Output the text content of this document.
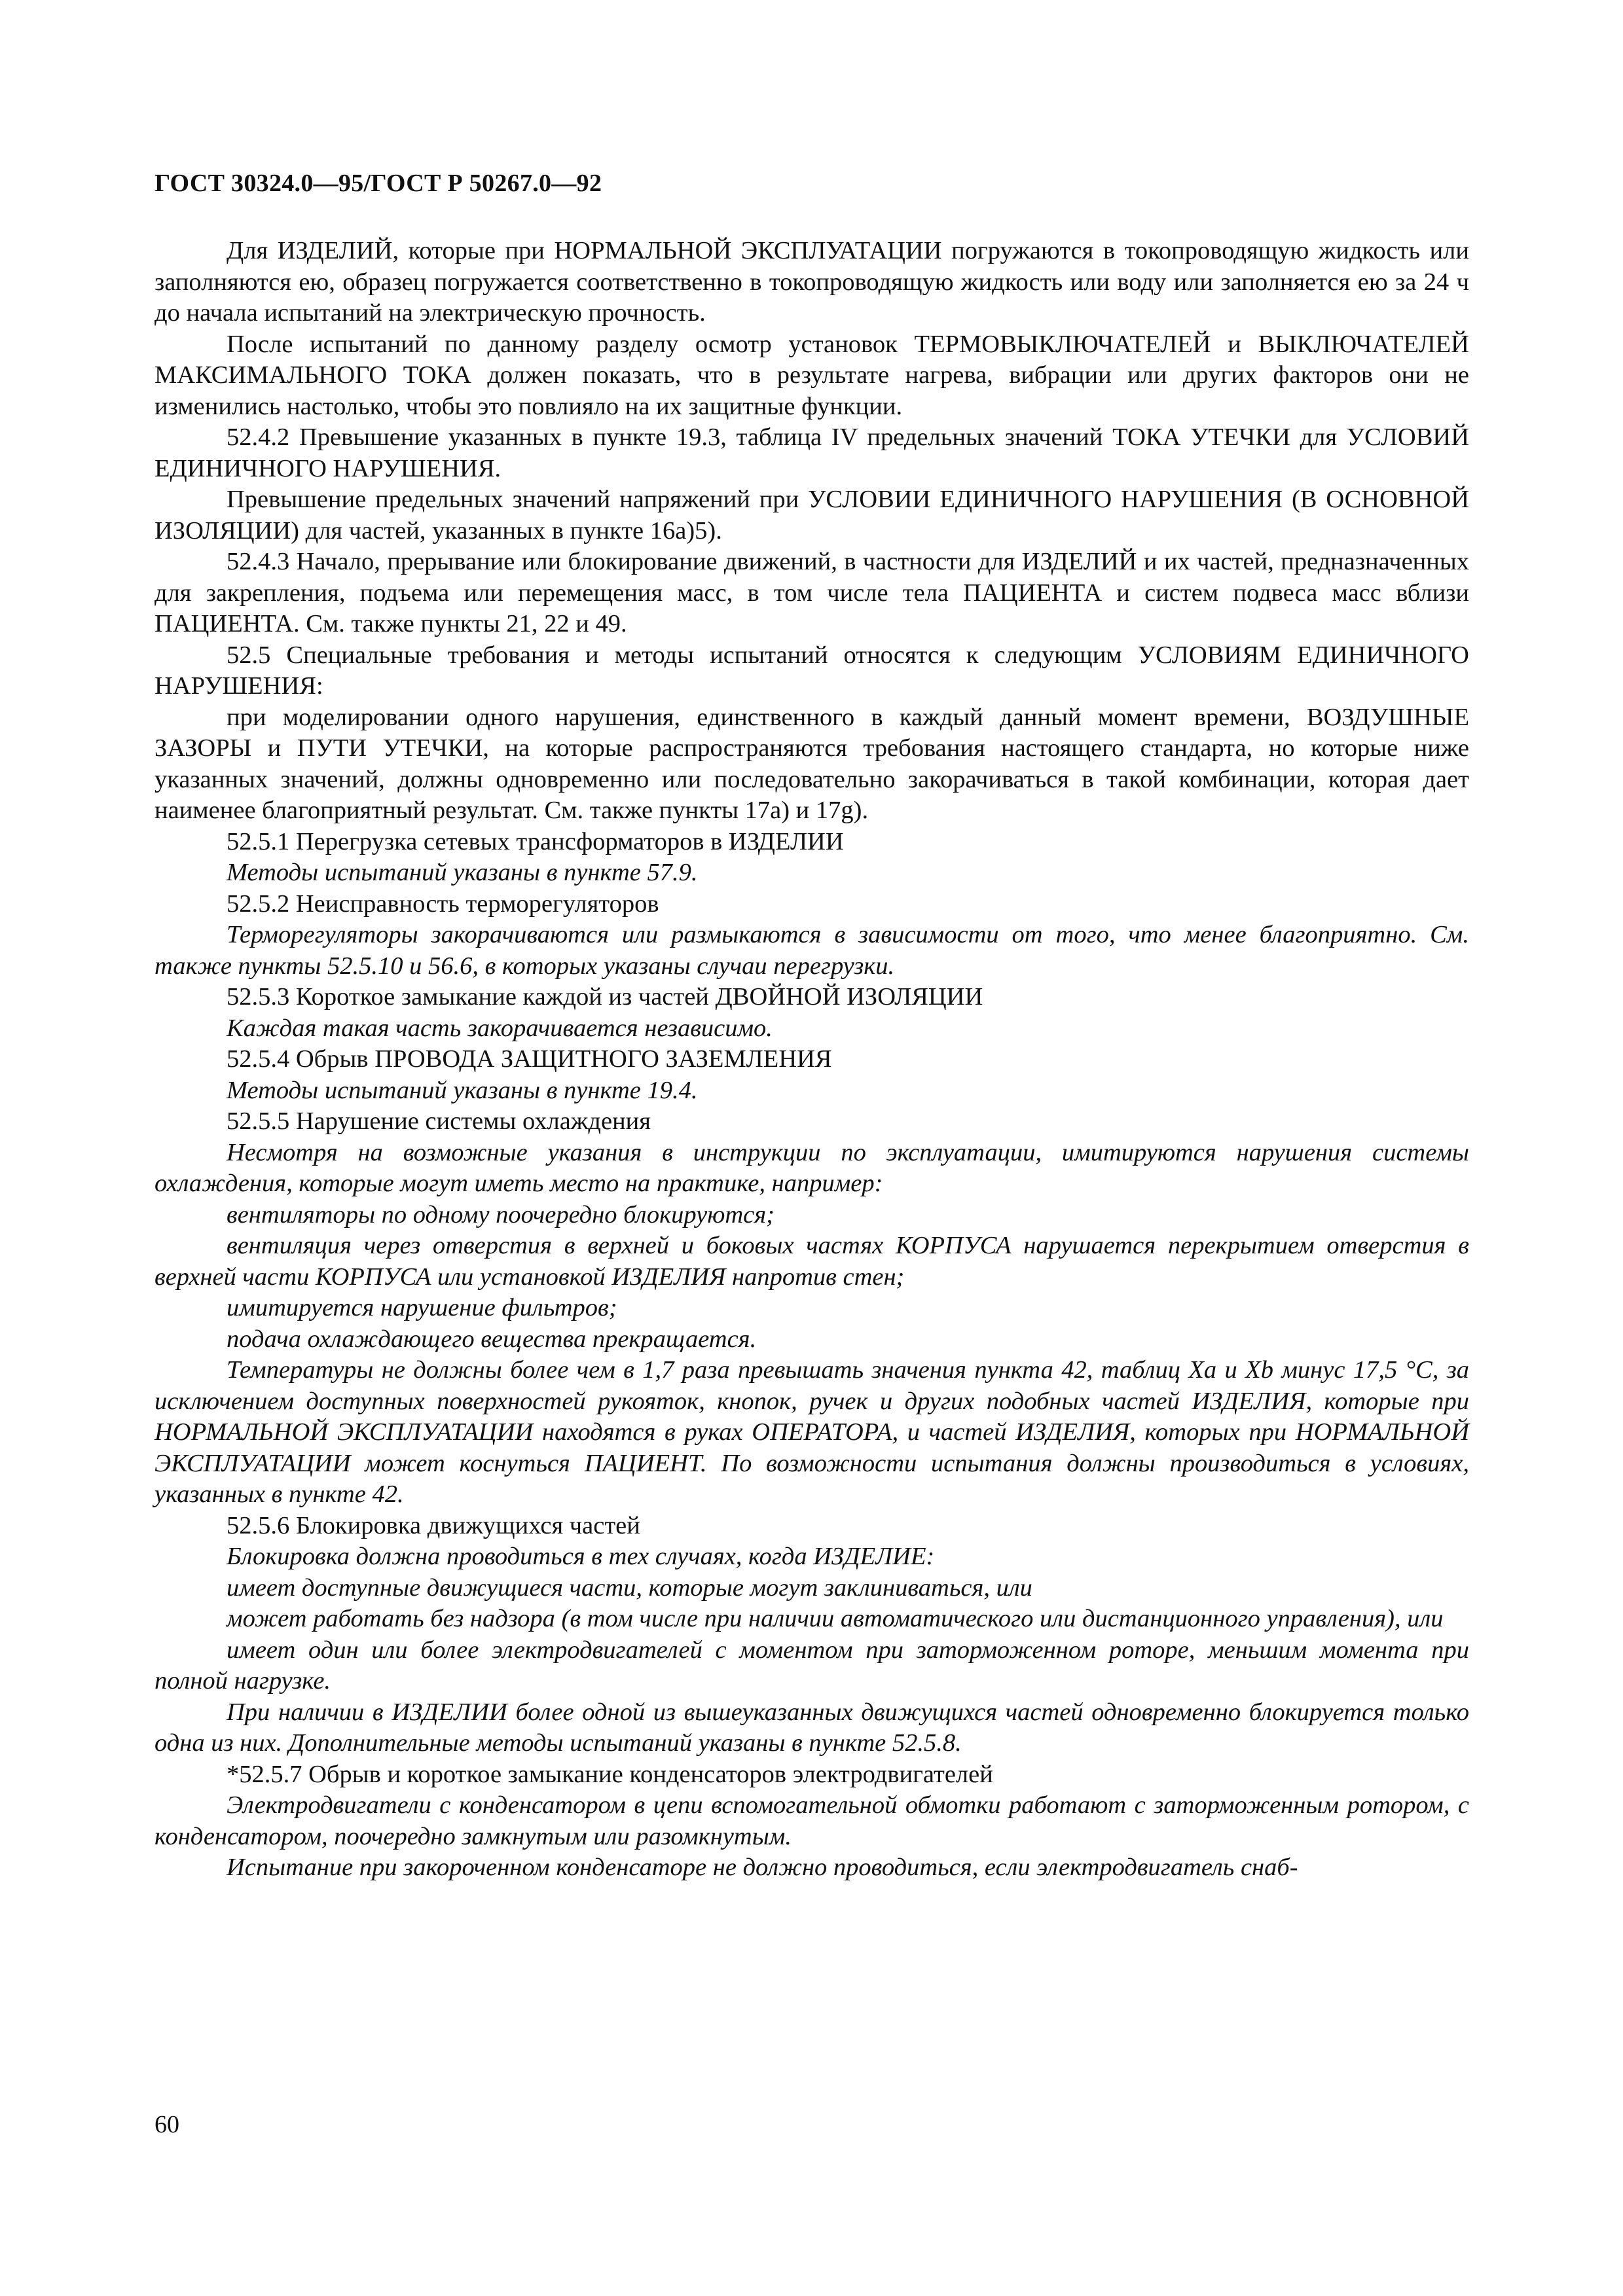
ГОСТ 30324.0—95/ГОСТ Р 50267.0—92

Для ИЗДЕЛИЙ, которые при НОРМАЛЬНОЙ ЭКСПЛУАТАЦИИ погружаются в токопроводящую жидкость или заполняются ею, образец погружается соответственно в токопроводящую жидкость или воду или заполняется ею за 24 ч до начала испытаний на электрическую прочность.

После испытаний по данному разделу осмотр установок ТЕРМОВЫКЛЮЧАТЕЛЕЙ и ВЫКЛЮЧАТЕЛЕЙ МАКСИМАЛЬНОГО ТОКА должен показать, что в результате нагрева, вибрации или других факторов они не изменились настолько, чтобы это повлияло на их защитные функции.

52.4.2 Превышение указанных в пункте 19.3, таблица IV предельных значений ТОКА УТЕЧКИ для УСЛОВИЙ ЕДИНИЧНОГО НАРУШЕНИЯ.

Превышение предельных значений напряжений при УСЛОВИИ ЕДИНИЧНОГО НАРУШЕНИЯ (В ОСНОВНОЙ ИЗОЛЯЦИИ) для частей, указанных в пункте 16а)5).

52.4.3 Начало, прерывание или блокирование движений, в частности для ИЗДЕЛИЙ и их частей, предназначенных для закрепления, подъема или перемещения масс, в том числе тела ПАЦИЕНТА и систем подвеса масс вблизи ПАЦИЕНТА. См. также пункты 21, 22 и 49.

52.5 Специальные требования и методы испытаний относятся к следующим УСЛОВИЯМ ЕДИНИЧНОГО НАРУШЕНИЯ:

при моделировании одного нарушения, единственного в каждый данный момент времени, ВОЗДУШНЫЕ ЗАЗОРЫ и ПУТИ УТЕЧКИ, на которые распространяются требования настоящего стандарта, но которые ниже указанных значений, должны одновременно или последовательно закорачиваться в такой комбинации, которая дает наименее благоприятный результат. См. также пункты 17а) и 17g).

52.5.1 Перегрузка сетевых трансформаторов в ИЗДЕЛИИ

Методы испытаний указаны в пункте 57.9.

52.5.2 Неисправность терморегуляторов

Терморегуляторы закорачиваются или размыкаются в зависимости от того, что менее благоприятно. См. также пункты 52.5.10 и 56.6, в которых указаны случаи перегрузки.

52.5.3 Короткое замыкание каждой из частей ДВОЙНОЙ ИЗОЛЯЦИИ

Каждая такая часть закорачивается независимо.

52.5.4 Обрыв ПРОВОДА ЗАЩИТНОГО ЗАЗЕМЛЕНИЯ

Методы испытаний указаны в пункте 19.4.

52.5.5 Нарушение системы охлаждения

Несмотря на возможные указания в инструкции по эксплуатации, имитируются нарушения системы охлаждения, которые могут иметь место на практике, например:

вентиляторы по одному поочередно блокируются;

вентиляция через отверстия в верхней и боковых частях КОРПУСА нарушается перекрытием отверстия в верхней части КОРПУСА или установкой ИЗДЕЛИЯ напротив стен;

имитируется нарушение фильтров;

подача охлаждающего вещества прекращается.

Температуры не должны более чем в 1,7 раза превышать значения пункта 42, таблиц Ха и Xb минус 17,5 °С, за исключением доступных поверхностей рукояток, кнопок, ручек и других подобных частей ИЗДЕЛИЯ, которые при НОРМАЛЬНОЙ ЭКСПЛУАТАЦИИ находятся в руках ОПЕРАТОРА, и частей ИЗДЕЛИЯ, которых при НОРМАЛЬНОЙ ЭКСПЛУАТАЦИИ может коснуться ПАЦИЕНТ. По возможности испытания должны производиться в условиях, указанных в пункте 42.

52.5.6 Блокировка движущихся частей

Блокировка должна проводиться в тех случаях, когда ИЗДЕЛИЕ:

имеет доступные движущиеся части, которые могут заклиниваться, или

может работать без надзора (в том числе при наличии автоматического или дистанционного управления), или

имеет один или более электродвигателей с моментом при заторможенном роторе, меньшим момента при полной нагрузке.

При наличии в ИЗДЕЛИИ более одной из вышеуказанных движущихся частей одновременно блокируется только одна из них. Дополнительные методы испытаний указаны в пункте 52.5.8.

*52.5.7 Обрыв и короткое замыкание конденсаторов электродвигателей

Электродвигатели с конденсатором в цепи вспомогательной обмотки работают с заторможенным ротором, с конденсатором, поочередно замкнутым или разомкнутым.

Испытание при закороченном конденсаторе не должно проводиться, если электродвигатель снаб-

60
